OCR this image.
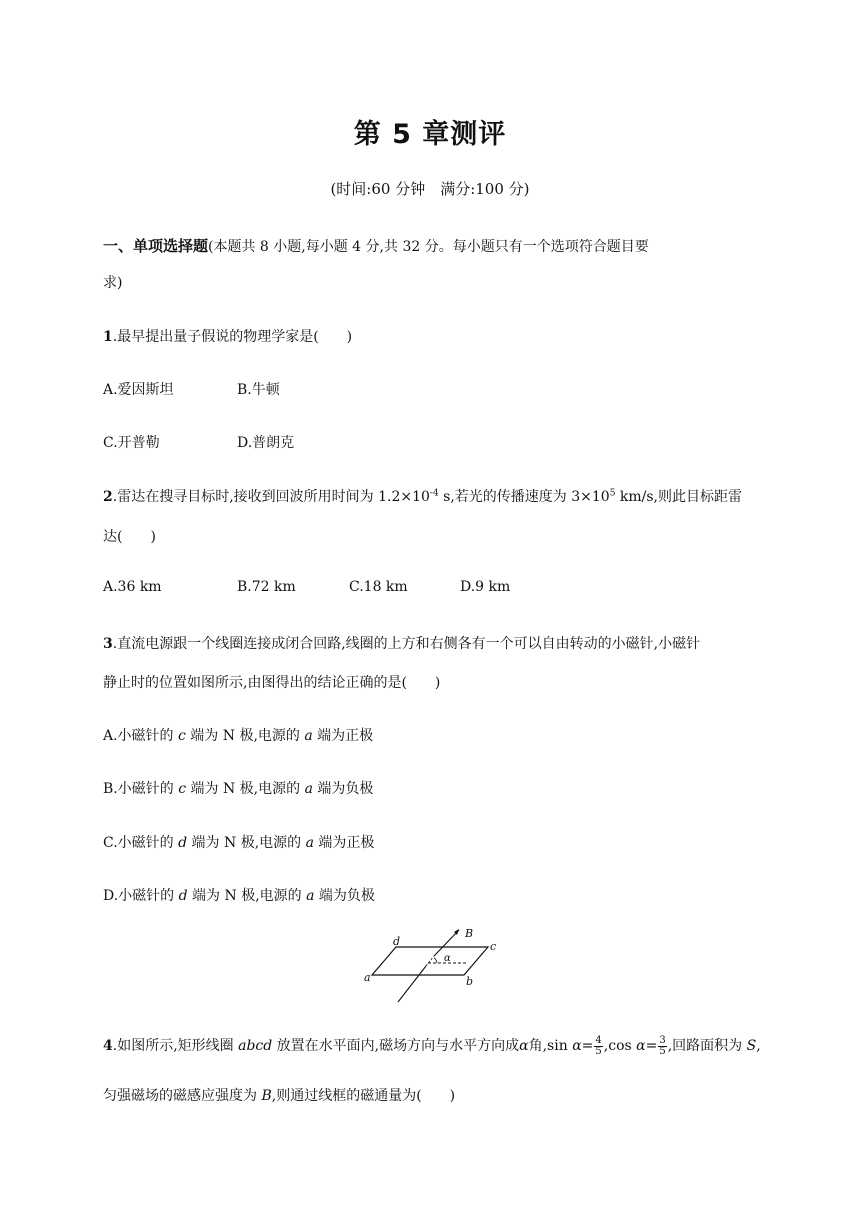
第 5 章测评
(时间:60 分钟　满分:100 分)
一、单项选择题(本题共 8 小题,每小题 4 分,共 32 分。每小题只有一个选项符合题目要
求)
1.最早提出量子假说的物理学家是(　　)
A.爱因斯坦	B.牛顿
C.开普勒	D.普朗克
2.雷达在搜寻目标时,接收到回波所用时间为 $1.2\times 10^{-4}$ s,若光的传播速度为 $3\times 10^5$ km/s,则此目标距雷
达(　　)
A.36 km	B.72 km	C.18 km	D.9 km
3.直流电源跟一个线圈连接成闭合回路,线圈的上方和右侧各有一个可以自由转动的小磁针,小磁针
静止时的位置如图所示,由图得出的结论正确的是(　　)
A.小磁针的 c 端为 N 极,电源的 a 端为正极
B.小磁针的 c 端为 N 极,电源的 a 端为负极
C.小磁针的 d 端为 N 极,电源的 a 端为正极
D.小磁针的 d 端为 N 极,电源的 a 端为负极
a
d	c
b
B
α
4.如图所示,矩形线圈 abcd 放置在水平面内,磁场方向与水平方向成α角,sin $\alpha= \frac{4}{5} ,\cos$ $\alpha= \frac{3}{5}$ ,回路面积为 S,
匀强磁场的磁感应强度为 B,则通过线框的磁通量为(　　)
